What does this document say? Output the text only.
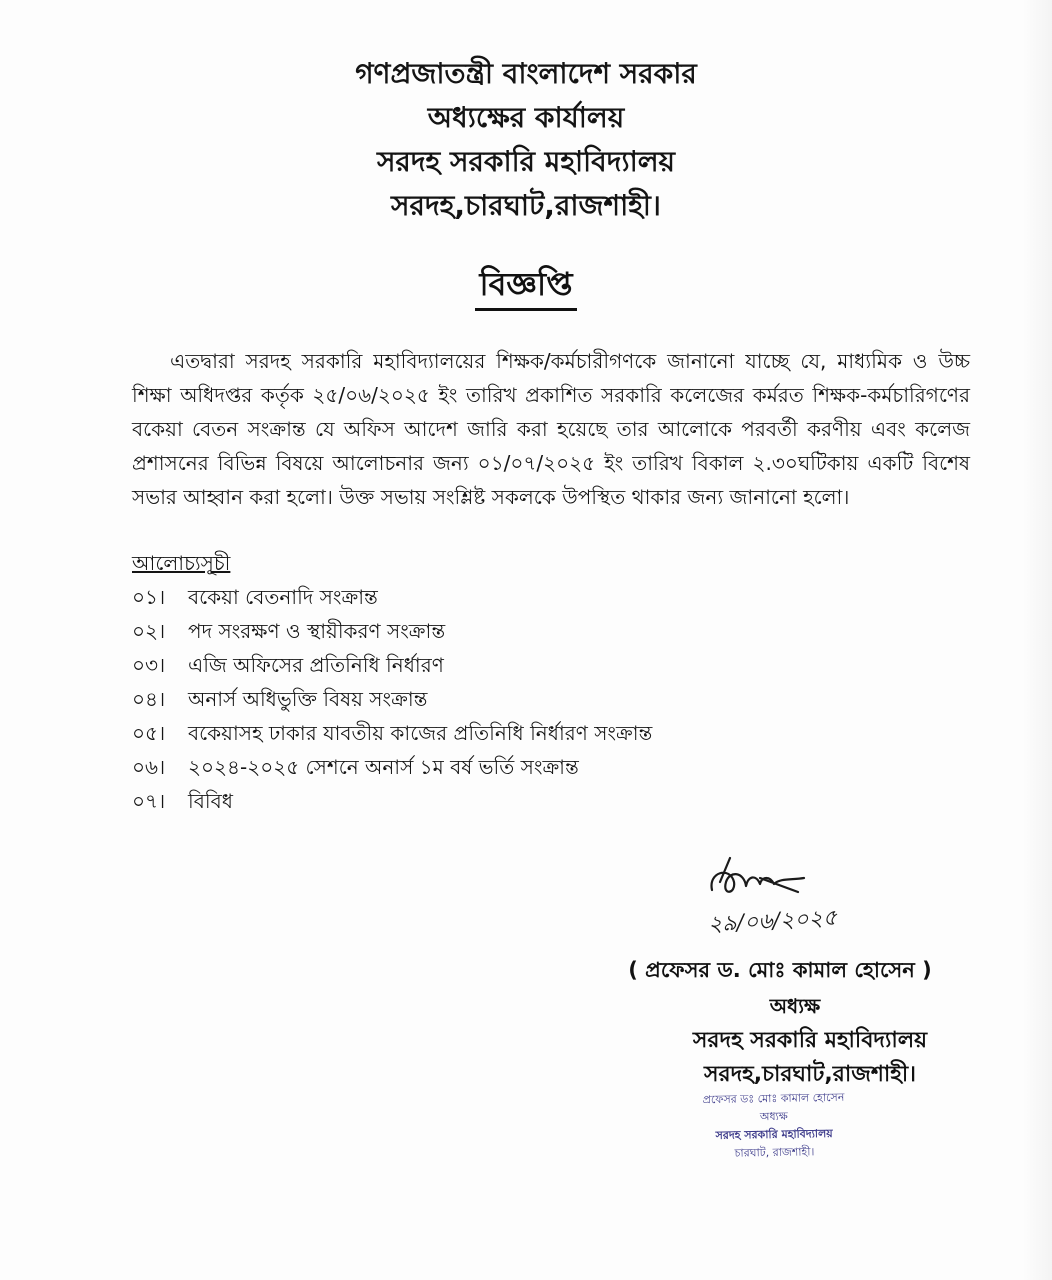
গণপ্রজাতন্ত্রী বাংলাদেশ সরকার
অধ্যক্ষের কার্যালয়
সরদহ সরকারি মহাবিদ্যালয়
সরদহ,চারঘাট,রাজশাহী।
বিজ্ঞপ্তি
এতদ্বারা সরদহ সরকারি মহাবিদ্যালয়ের শিক্ষক/কর্মচারীগণকে জানানো যাচ্ছে যে, মাধ্যমিক ও উচ্চ শিক্ষা অধিদপ্তর কর্তৃক ২৫/০৬/২০২৫ ইং তারিখ প্রকাশিত সরকারি কলেজের কর্মরত শিক্ষক-কর্মচারিগণের বকেয়া বেতন সংক্রান্ত যে অফিস আদেশ জারি করা হয়েছে তার আলোকে পরবর্তী করণীয় এবং কলেজ প্রশাসনের বিভিন্ন বিষয়ে আলোচনার জন্য ০১/০৭/২০২৫ ইং তারিখ বিকাল ২.৩০ঘটিকায় একটি বিশেষ সভার আহ্বান করা হলো। উক্ত সভায় সংশ্লিষ্ট সকলকে উপস্থিত থাকার জন্য জানানো হলো।
আলোচ্যসূচী
০১। বকেয়া বেতনাদি সংক্রান্ত
০২। পদ সংরক্ষণ ও স্থায়ীকরণ সংক্রান্ত
০৩। এজি অফিসের প্রতিনিধি নির্ধারণ
০৪। অনার্স অধিভুক্তি বিষয় সংক্রান্ত
০৫। বকেয়াসহ ঢাকার যাবতীয় কাজের প্রতিনিধি নির্ধারণ সংক্রান্ত
০৬। ২০২৪-২০২৫ সেশনে অনার্স ১ম বর্ষ ভর্তি সংক্রান্ত
০৭। বিবিধ
২৯/০৬/২০২৫
( প্রফেসর ড. মোঃ কামাল হোসেন )
অধ্যক্ষ
সরদহ সরকারি মহাবিদ্যালয়
সরদহ,চারঘাট,রাজশাহী।
প্রফেসর ডঃ মোঃ কামাল হোসেন
অধ্যক্ষ
সরদহ সরকারি মহাবিদ্যালয়
চারঘাট, রাজশাহী।
